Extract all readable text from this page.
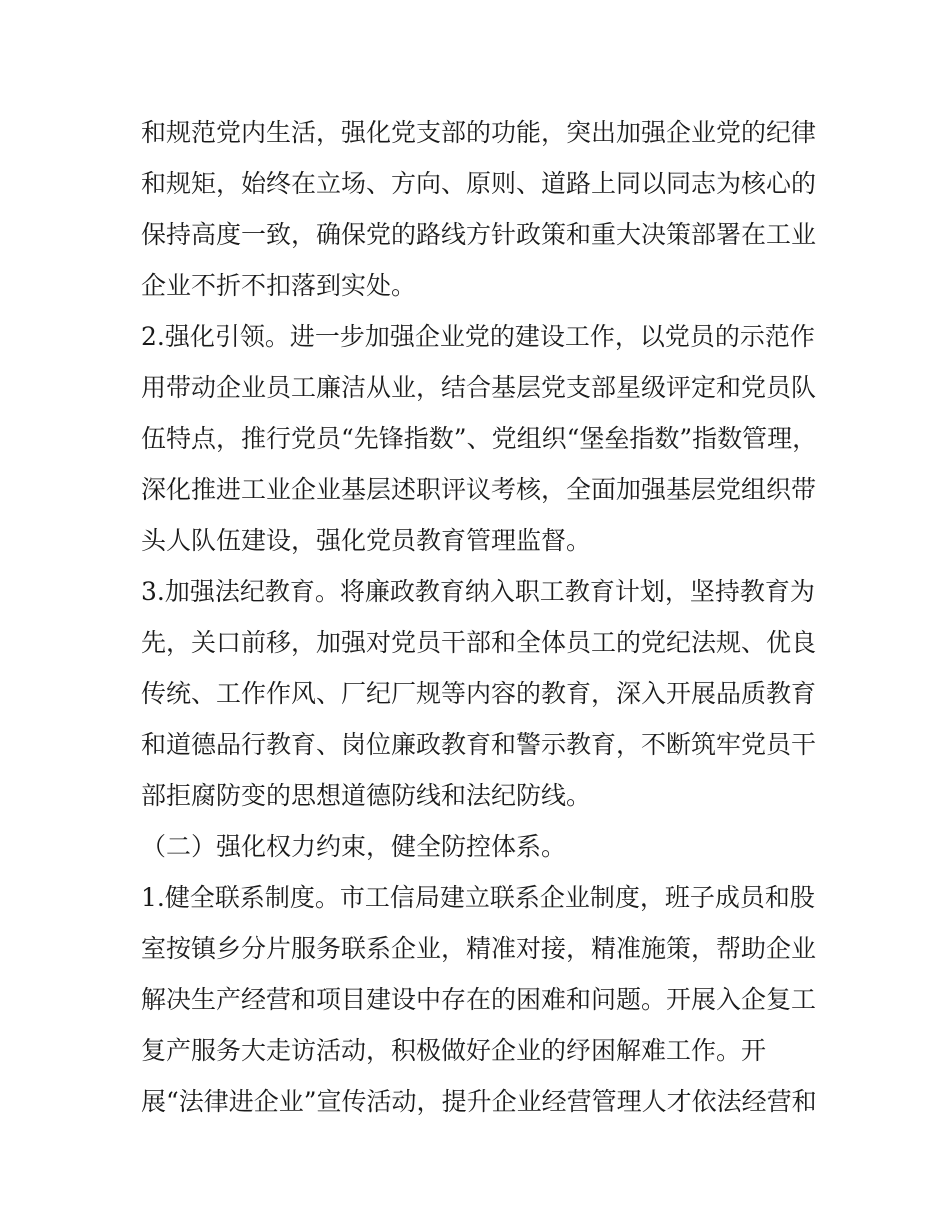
和规范党内生活，强化党支部的功能，突出加强企业党的纪律
和规矩，始终在立场、方向、原则、道路上同以同志为核心的
保持高度一致，确保党的路线方针政策和重大决策部署在工业
企业不折不扣落到实处。
2.强化引领。进一步加强企业党的建设工作，以党员的示范作
用带动企业员工廉洁从业，结合基层党支部星级评定和党员队
伍特点，推行党员“先锋指数”、党组织“堡垒指数”指数管理，
深化推进工业企业基层述职评议考核，全面加强基层党组织带
头人队伍建设，强化党员教育管理监督。
3.加强法纪教育。将廉政教育纳入职工教育计划，坚持教育为
先，关口前移，加强对党员干部和全体员工的党纪法规、优良
传统、工作作风、厂纪厂规等内容的教育，深入开展品质教育
和道德品行教育、岗位廉政教育和警示教育，不断筑牢党员干
部拒腐防变的思想道德防线和法纪防线。
（二）强化权力约束，健全防控体系。
1.健全联系制度。市工信局建立联系企业制度，班子成员和股
室按镇乡分片服务联系企业，精准对接，精准施策，帮助企业
解决生产经营和项目建设中存在的困难和问题。开展入企复工
复产服务大走访活动，积极做好企业的纾困解难工作。开
展“法律进企业”宣传活动，提升企业经营管理人才依法经营和
